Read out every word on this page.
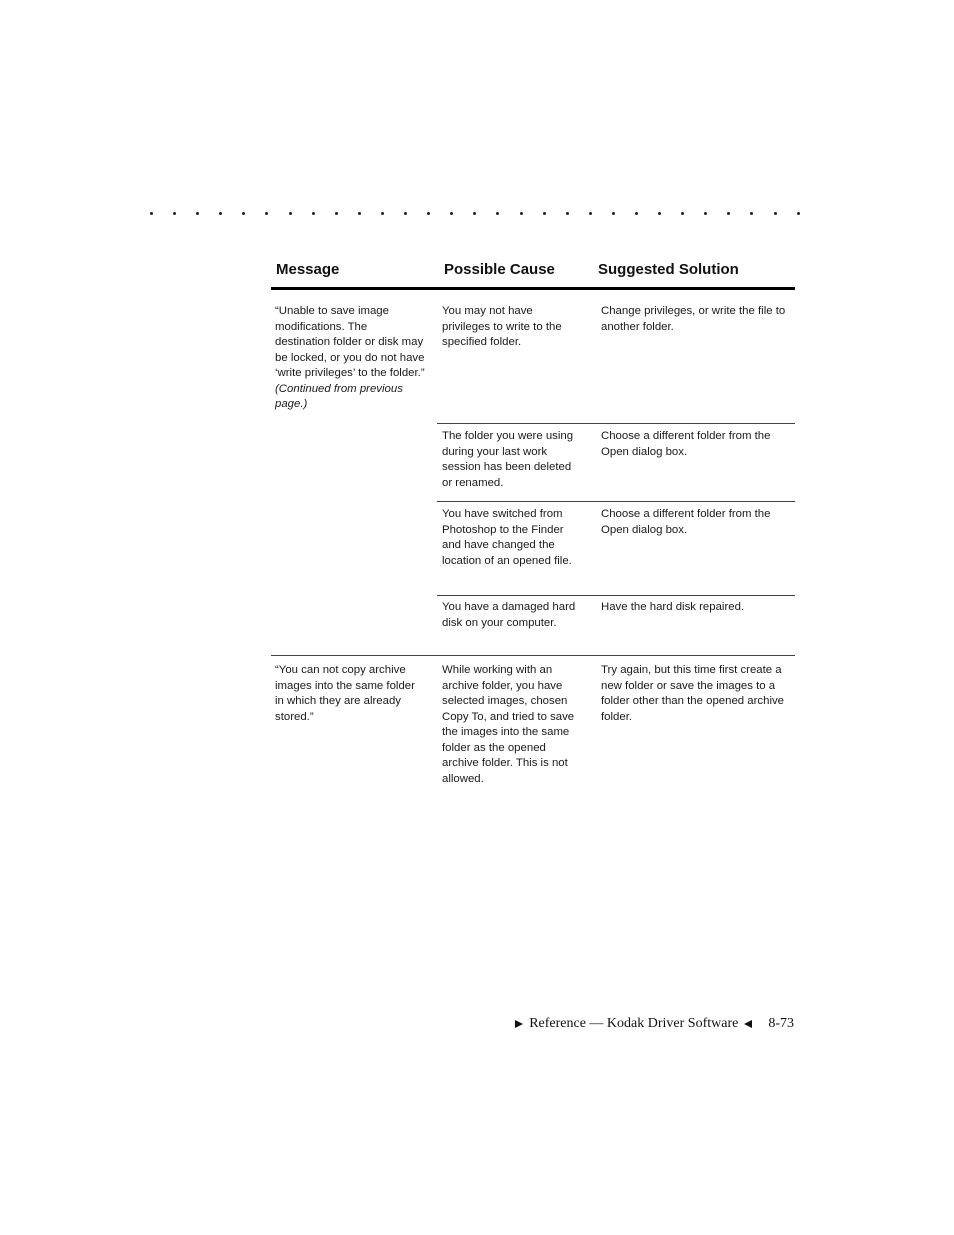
Message	Possible Cause	Suggested Solution
“Unable to save image modifications. The destination folder or disk may be locked, or you do not have ‘write privileges’ to the folder.” (Continued from previous page.)
You may not have privileges to write to the specified folder.
Change privileges, or write the file to another folder.
The folder you were using during your last work session has been deleted or renamed.
Choose a different folder from the Open dialog box.
You have switched from Photoshop to the Finder and have changed the location of an opened file.
Choose a different folder from the Open dialog box.
You have a damaged hard disk on your computer.
Have the hard disk repaired.
“You can not copy archive images into the same folder in which they are already stored.”
While working with an archive folder, you have selected images, chosen Copy To, and tried to save the images into the same folder as the opened archive folder. This is not allowed.
Try again, but this time first create a new folder or save the images to a folder other than the opened archive folder.
Reference — Kodak Driver Software 8-73
